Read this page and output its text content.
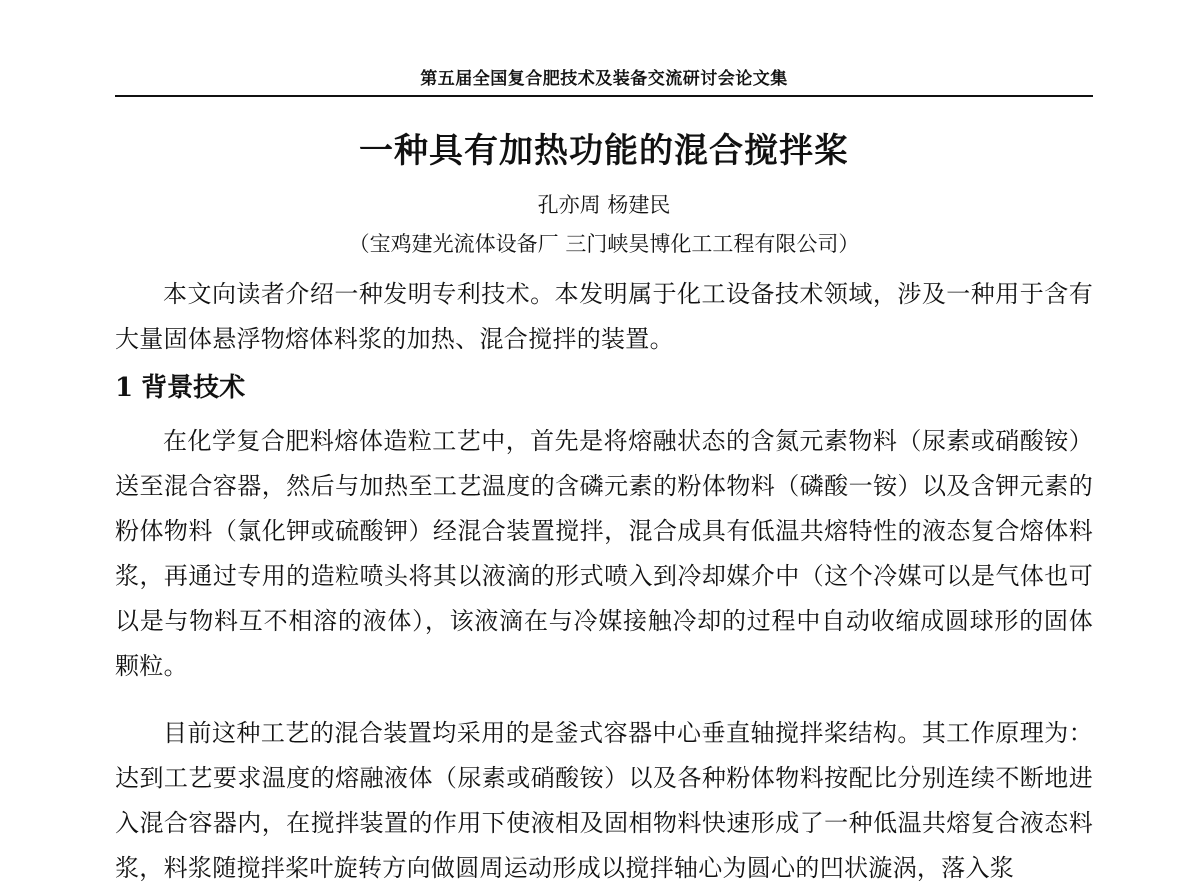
第五届全国复合肥技术及装备交流研讨会论文集
一种具有加热功能的混合搅拌桨
孔亦周 杨建民
（宝鸡建光流体设备厂 三门峡昊博化工工程有限公司）

本文向读者介绍一种发明专利技术。本发明属于化工设备技术领域，涉及一种用于含有大量固体悬浮物熔体料浆的加热、混合搅拌的装置。

1 背景技术

在化学复合肥料熔体造粒工艺中，首先是将熔融状态的含氮元素物料（尿素或硝酸铵）送至混合容器，然后与加热至工艺温度的含磷元素的粉体物料（磷酸一铵）以及含钾元素的粉体物料（氯化钾或硫酸钾）经混合装置搅拌，混合成具有低温共熔特性的液态复合熔体料浆，再通过专用的造粒喷头将其以液滴的形式喷入到冷却媒介中（这个冷媒可以是气体也可以是与物料互不相溶的液体），该液滴在与冷媒接触冷却的过程中自动收缩成圆球形的固体颗粒。

目前这种工艺的混合装置均采用的是釜式容器中心垂直轴搅拌桨结构。其工作原理为：达到工艺要求温度的熔融液体（尿素或硝酸铵）以及各种粉体物料按配比分别连续不断地进入混合容器内，在搅拌装置的作用下使液相及固相物料快速形成了一种低温共熔复合液态料浆，料浆随搅拌桨叶旋转方向做圆周运动形成以搅拌轴心为圆心的凹状漩涡，落入浆
